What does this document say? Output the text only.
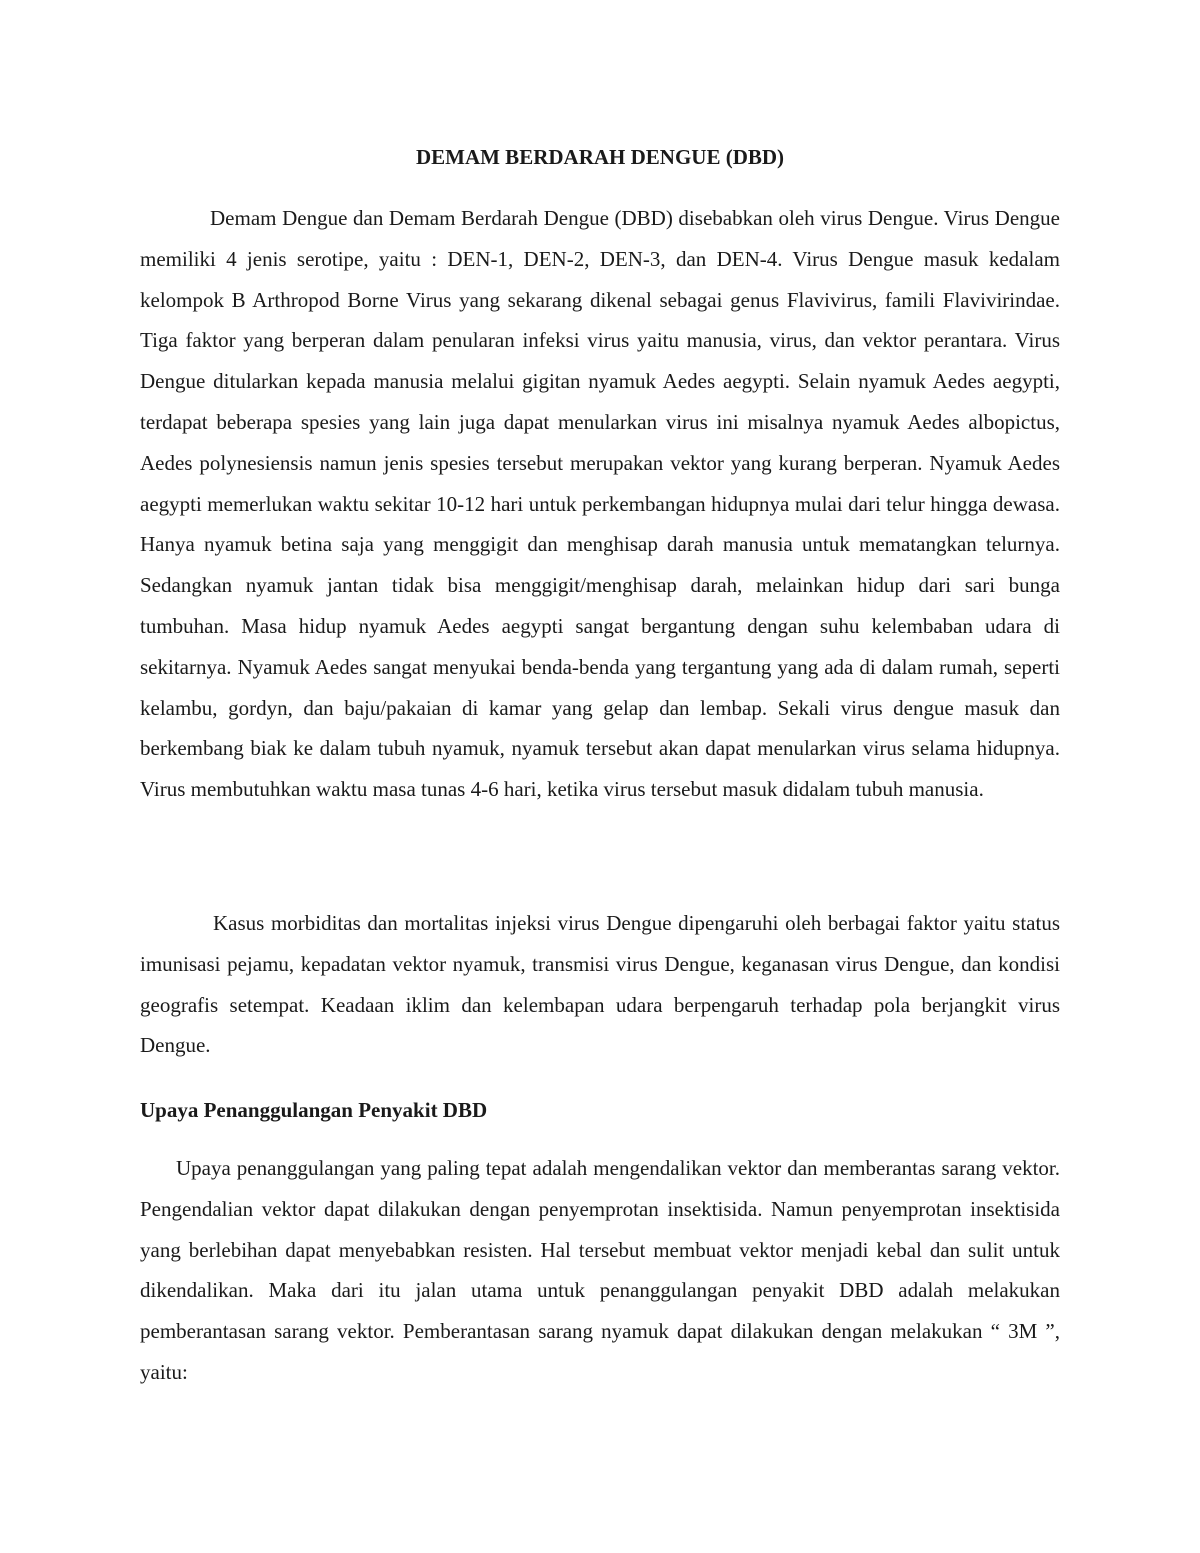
DEMAM BERDARAH DENGUE (DBD)

Demam Dengue dan Demam Berdarah Dengue (DBD) disebabkan oleh virus Dengue. Virus Dengue memiliki 4 jenis serotipe, yaitu : DEN-1, DEN-2, DEN-3, dan DEN-4. Virus Dengue masuk kedalam kelompok B Arthropod Borne Virus yang sekarang dikenal sebagai genus Flavivirus, famili Flavivirindae. Tiga faktor yang berperan dalam penularan infeksi virus yaitu manusia, virus, dan vektor perantara. Virus Dengue ditularkan kepada manusia melalui gigitan nyamuk Aedes aegypti. Selain nyamuk Aedes aegypti, terdapat beberapa spesies yang lain juga dapat menularkan virus ini misalnya nyamuk Aedes albopictus, Aedes polynesiensis namun jenis spesies tersebut merupakan vektor yang kurang berperan. Nyamuk Aedes aegypti memerlukan waktu sekitar 10-12 hari untuk perkembangan hidupnya mulai dari telur hingga dewasa. Hanya nyamuk betina saja yang menggigit dan menghisap darah manusia untuk mematangkan telurnya. Sedangkan nyamuk jantan tidak bisa menggigit/menghisap darah, melainkan hidup dari sari bunga tumbuhan. Masa hidup nyamuk Aedes aegypti sangat bergantung dengan suhu kelembaban udara di sekitarnya. Nyamuk Aedes sangat menyukai benda-benda yang tergantung yang ada di dalam rumah, seperti kelambu, gordyn, dan baju/pakaian di kamar yang gelap dan lembap. Sekali virus dengue masuk dan berkembang biak ke dalam tubuh nyamuk, nyamuk tersebut akan dapat menularkan virus selama hidupnya. Virus membutuhkan waktu masa tunas 4-6 hari, ketika virus tersebut masuk didalam tubuh manusia.

Kasus morbiditas dan mortalitas injeksi virus Dengue dipengaruhi oleh berbagai faktor yaitu status imunisasi pejamu, kepadatan vektor nyamuk, transmisi virus Dengue, keganasan virus Dengue, dan kondisi geografis setempat. Keadaan iklim dan kelembapan udara berpengaruh terhadap pola berjangkit virus Dengue.

Upaya Penanggulangan Penyakit DBD

Upaya penanggulangan yang paling tepat adalah mengendalikan vektor dan memberantas sarang vektor. Pengendalian vektor dapat dilakukan dengan penyemprotan insektisida. Namun penyemprotan insektisida yang berlebihan dapat menyebabkan resisten. Hal tersebut membuat vektor menjadi kebal dan sulit untuk dikendalikan. Maka dari itu jalan utama untuk penanggulangan penyakit DBD adalah melakukan pemberantasan sarang vektor. Pemberantasan sarang nyamuk dapat dilakukan dengan melakukan “ 3M ”, yaitu:
